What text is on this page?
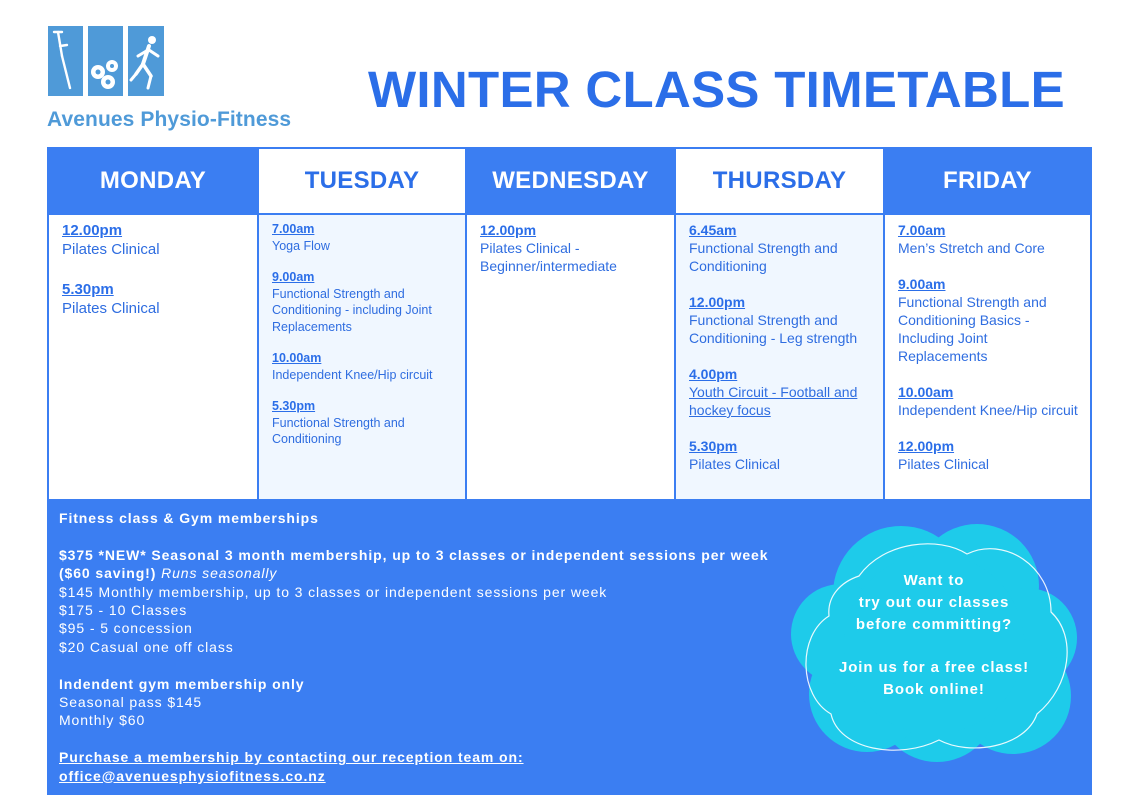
Avenues Physio-Fitness
WINTER CLASS TIMETABLE
MONDAY
12.00pm
Pilates Clinical
5.30pm
Pilates Clinical
TUESDAY
7.00am
Yoga Flow
9.00am
Functional Strength and Conditioning - including Joint Replacements
10.00am
Independent Knee/Hip circuit
5.30pm
Functional Strength and Conditioning
WEDNESDAY
12.00pm
Pilates Clinical - Beginner/intermediate
THURSDAY
6.45am
Functional Strength and Conditioning
12.00pm
Functional Strength and Conditioning - Leg strength
4.00pm
Youth Circuit - Football and hockey focus
5.30pm
Pilates Clinical
FRIDAY
7.00am
Men’s Stretch and Core
9.00am
Functional Strength and Conditioning Basics - Including Joint Replacements
10.00am
Independent Knee/Hip circuit
12.00pm
Pilates Clinical
Fitness class & Gym memberships
$375 *NEW* Seasonal 3 month membership, up to 3 classes or independent sessions per week
($60 saving!) Runs seasonally
$145 Monthly membership, up to 3 classes or independent sessions per week
$175 - 10 Classes
$95 - 5 concession
$20 Casual one off class
Indendent gym membership only
Seasonal pass $145
Monthly $60
Purchase a membership by contacting our reception team on:
office@avenuesphysiofitness.co.nz
Want to
try out our classes
before committing?
Join us for a free class!
Book online!
